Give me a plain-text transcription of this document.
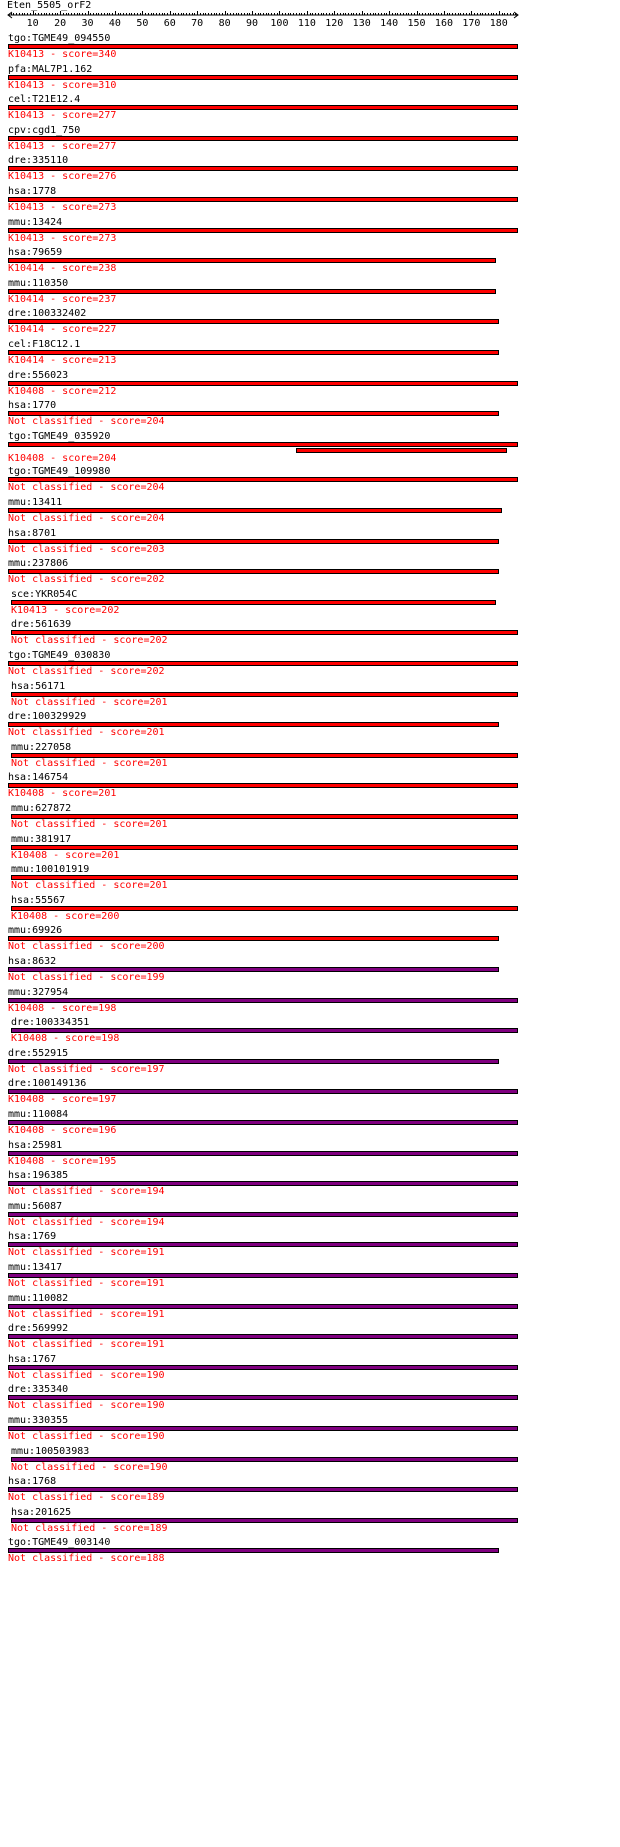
Eten_5505_orF2
10 20 30 40 50 60 70 80 90 100 110 120 130 140 150 160 170 180
tgo:TGME49_094550
K10413 - score=340
pfa:MAL7P1.162
K10413 - score=310
cel:T21E12.4
K10413 - score=277
cpv:cgd1_750
K10413 - score=277
dre:335110
K10413 - score=276
hsa:1778
K10413 - score=273
mmu:13424
K10413 - score=273
hsa:79659
K10414 - score=238
mmu:110350
K10414 - score=237
dre:100332402
K10414 - score=227
cel:F18C12.1
K10414 - score=213
dre:556023
K10408 - score=212
hsa:1770
Not classified - score=204
tgo:TGME49_035920
K10408 - score=204
tgo:TGME49_109980
Not classified - score=204
mmu:13411
Not classified - score=204
hsa:8701
Not classified - score=203
mmu:237806
Not classified - score=202
sce:YKR054C
K10413 - score=202
dre:561639
Not classified - score=202
tgo:TGME49_030830
Not classified - score=202
hsa:56171
Not classified - score=201
dre:100329929
Not classified - score=201
mmu:227058
Not classified - score=201
hsa:146754
K10408 - score=201
mmu:627872
Not classified - score=201
mmu:381917
K10408 - score=201
mmu:100101919
Not classified - score=201
hsa:55567
K10408 - score=200
mmu:69926
Not classified - score=200
hsa:8632
Not classified - score=199
mmu:327954
K10408 - score=198
dre:100334351
K10408 - score=198
dre:552915
Not classified - score=197
dre:100149136
K10408 - score=197
mmu:110084
K10408 - score=196
hsa:25981
K10408 - score=195
hsa:196385
Not classified - score=194
mmu:56087
Not classified - score=194
hsa:1769
Not classified - score=191
mmu:13417
Not classified - score=191
mmu:110082
Not classified - score=191
dre:569992
Not classified - score=191
hsa:1767
Not classified - score=190
dre:335340
Not classified - score=190
mmu:330355
Not classified - score=190
mmu:100503983
Not classified - score=190
hsa:1768
Not classified - score=189
hsa:201625
Not classified - score=189
tgo:TGME49_003140
Not classified - score=188
